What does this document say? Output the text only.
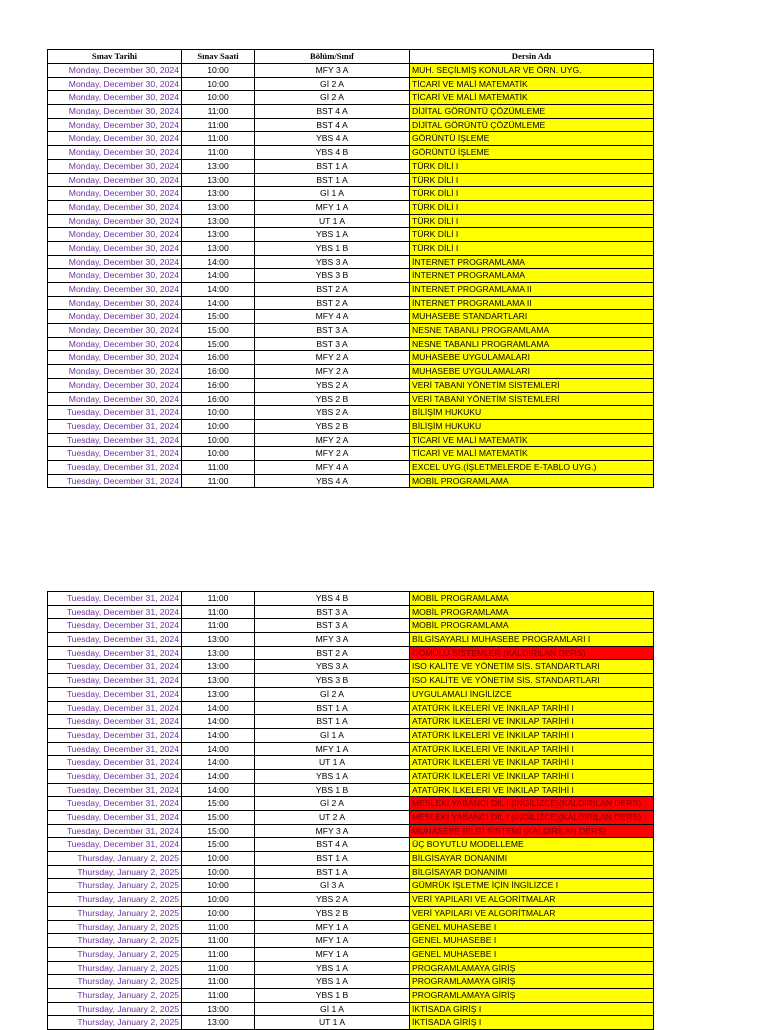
Sınav Tarihi	Sınav Saati	Bölüm/Sınıf	Dersin Adı
Monday, December 30, 2024	10:00	MFY 3 A	MUH. SEÇİLMİŞ KONULAR VE ÖRN. UYG.
Monday, December 30, 2024	10:00	Gİ 2 A	TİCARİ VE MALİ MATEMATİK
Monday, December 30, 2024	10:00	Gİ 2 A	TİCARİ VE MALİ MATEMATİK
Monday, December 30, 2024	11:00	BST 4 A	DİJİTAL GÖRÜNTÜ ÇÖZÜMLEME
Monday, December 30, 2024	11:00	BST 4 A	DİJİTAL GÖRÜNTÜ ÇÖZÜMLEME
Monday, December 30, 2024	11:00	YBS 4 A	GÖRÜNTÜ İŞLEME
Monday, December 30, 2024	11:00	YBS 4 B	GÖRÜNTÜ İŞLEME
Monday, December 30, 2024	13:00	BST 1 A	TÜRK DİLİ I
Monday, December 30, 2024	13:00	BST 1 A	TÜRK DİLİ I
Monday, December 30, 2024	13:00	Gİ 1 A	TÜRK DİLİ I
Monday, December 30, 2024	13:00	MFY 1 A	TÜRK DİLİ I
Monday, December 30, 2024	13:00	UT 1 A	TÜRK DİLİ I
Monday, December 30, 2024	13:00	YBS 1 A	TÜRK DİLİ I
Monday, December 30, 2024	13:00	YBS 1 B	TÜRK DİLİ I
Monday, December 30, 2024	14:00	YBS 3 A	İNTERNET PROGRAMLAMA
Monday, December 30, 2024	14:00	YBS 3 B	İNTERNET PROGRAMLAMA
Monday, December 30, 2024	14:00	BST 2 A	İNTERNET PROGRAMLAMA II
Monday, December 30, 2024	14:00	BST 2 A	İNTERNET PROGRAMLAMA II
Monday, December 30, 2024	15:00	MFY 4 A	MUHASEBE STANDARTLARI
Monday, December 30, 2024	15:00	BST 3 A	NESNE TABANLI PROGRAMLAMA
Monday, December 30, 2024	15:00	BST 3 A	NESNE TABANLI PROGRAMLAMA
Monday, December 30, 2024	16:00	MFY 2 A	MUHASEBE UYGULAMALARI
Monday, December 30, 2024	16:00	MFY 2 A	MUHASEBE UYGULAMALARI
Monday, December 30, 2024	16:00	YBS 2 A	VERİ TABANI YÖNETİM SİSTEMLERİ
Monday, December 30, 2024	16:00	YBS 2 B	VERİ TABANI YÖNETİM SİSTEMLERİ
Tuesday, December 31, 2024	10:00	YBS 2 A	BİLİŞİM HUKUKU
Tuesday, December 31, 2024	10:00	YBS 2 B	BİLİŞİM HUKUKU
Tuesday, December 31, 2024	10:00	MFY 2 A	TİCARİ VE MALİ MATEMATİK
Tuesday, December 31, 2024	10:00	MFY 2 A	TİCARİ VE MALİ MATEMATİK
Tuesday, December 31, 2024	11:00	MFY 4 A	EXCEL UYG.(İŞLETMELERDE E-TABLO UYG.)
Tuesday, December 31, 2024	11:00	YBS 4 A	MOBİL PROGRAMLAMA
Tuesday, December 31, 2024	11:00	YBS 4 B	MOBİL PROGRAMLAMA
Tuesday, December 31, 2024	11:00	BST 3 A	MOBİL PROGRAMLAMA
Tuesday, December 31, 2024	11:00	BST 3 A	MOBİL PROGRAMLAMA
Tuesday, December 31, 2024	13:00	MFY 3 A	BİLGİSAYARLI MUHASEBE PROGRAMLARI I
Tuesday, December 31, 2024	13:00	BST 2 A	GÖMÜLÜ SİSTEMLER (KALDIRILAN DERS)
Tuesday, December 31, 2024	13:00	YBS 3 A	ISO KALİTE VE YÖNETİM SİS. STANDARTLARI
Tuesday, December 31, 2024	13:00	YBS 3 B	ISO KALİTE VE YÖNETİM SİS. STANDARTLARI
Tuesday, December 31, 2024	13:00	Gİ 2 A	UYGULAMALI İNGİLİZCE
Tuesday, December 31, 2024	14:00	BST 1 A	ATATÜRK İLKELERİ VE İNKILAP TARİHİ I
Tuesday, December 31, 2024	14:00	BST 1 A	ATATÜRK İLKELERİ VE İNKILAP TARİHİ I
Tuesday, December 31, 2024	14:00	Gİ 1 A	ATATÜRK İLKELERİ VE İNKILAP TARİHİ I
Tuesday, December 31, 2024	14:00	MFY 1 A	ATATÜRK İLKELERİ VE İNKILAP TARİHİ I
Tuesday, December 31, 2024	14:00	UT 1 A	ATATÜRK İLKELERİ VE İNKILAP TARİHİ I
Tuesday, December 31, 2024	14:00	YBS 1 A	ATATÜRK İLKELERİ VE İNKILAP TARİHİ I
Tuesday, December 31, 2024	14:00	YBS 1 B	ATATÜRK İLKELERİ VE İNKILAP TARİHİ I
Tuesday, December 31, 2024	15:00	Gİ 2 A	MESLEKİ YABANCI DİL I (İNGİLİZCE)(KALDIRILAN DERS)
Tuesday, December 31, 2024	15:00	UT 2 A	MESLEKİ YABANCI DİL I (İNGİLİZCE)(KALDIRILAN DERS)
Tuesday, December 31, 2024	15:00	MFY 3 A	MUHASEBE BİLGİ SİSTEMİ (KALDIRILAN DERS)
Tuesday, December 31, 2024	15:00	BST 4 A	ÜÇ BOYUTLU MODELLEME
Thursday, January 2, 2025	10:00	BST 1 A	BİLGİSAYAR DONANIMI
Thursday, January 2, 2025	10:00	BST 1 A	BİLGİSAYAR DONANIMI
Thursday, January 2, 2025	10:00	Gİ 3 A	GÜMRÜK İŞLETME İÇİN İNGİLİZCE I
Thursday, January 2, 2025	10:00	YBS 2 A	VERİ YAPILARI VE ALGORİTMALAR
Thursday, January 2, 2025	10:00	YBS 2 B	VERİ YAPILARI VE ALGORİTMALAR
Thursday, January 2, 2025	11:00	MFY 1 A	GENEL MUHASEBE I
Thursday, January 2, 2025	11:00	MFY 1 A	GENEL MUHASEBE I
Thursday, January 2, 2025	11:00	MFY 1 A	GENEL MUHASEBE I
Thursday, January 2, 2025	11:00	YBS 1 A	PROGRAMLAMAYA GİRİŞ
Thursday, January 2, 2025	11:00	YBS 1 A	PROGRAMLAMAYA GİRİŞ
Thursday, January 2, 2025	11:00	YBS 1 B	PROGRAMLAMAYA GİRİŞ
Thursday, January 2, 2025	13:00	Gİ 1 A	İKTİSADA GİRİŞ I
Thursday, January 2, 2025	13:00	UT 1 A	İKTİSADA GİRİŞ I
